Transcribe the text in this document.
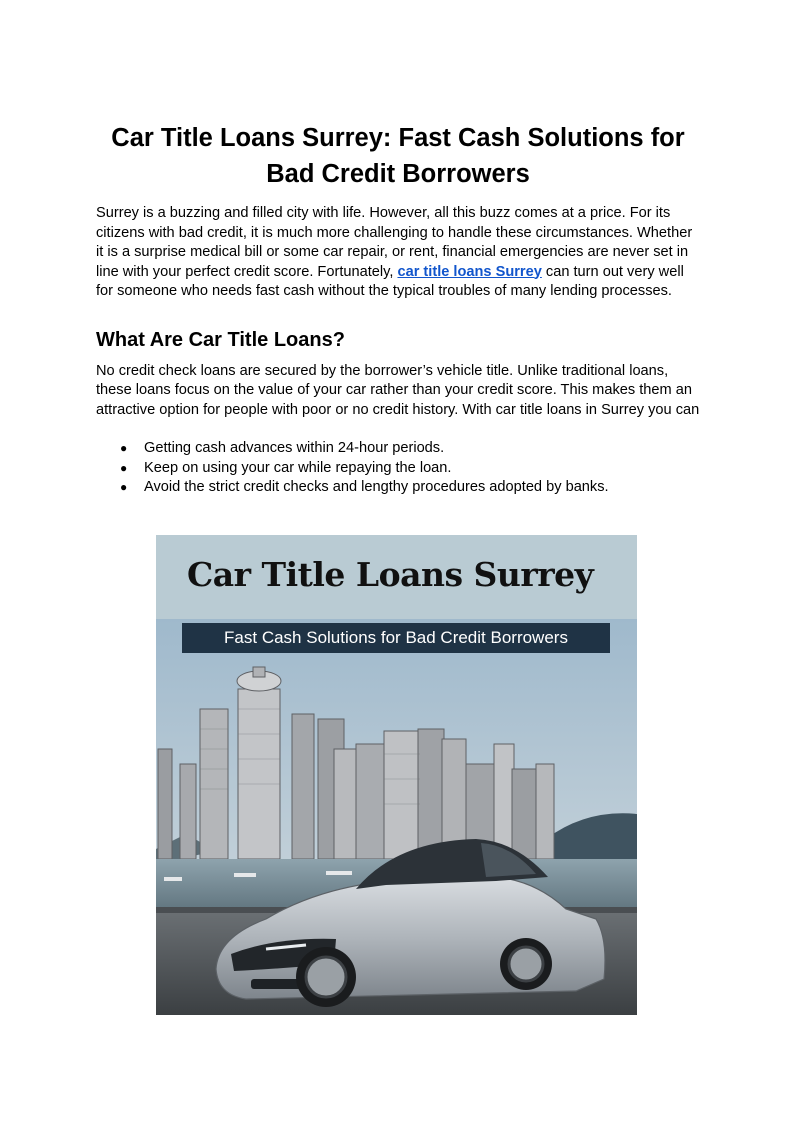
Car Title Loans Surrey: Fast Cash Solutions for Bad Credit Borrowers

Surrey is a buzzing and filled city with life. However, all this buzz comes at a price. For its citizens with bad credit, it is much more challenging to handle these circumstances. Whether it is a surprise medical bill or some car repair, or rent, financial emergencies are never set in line with your perfect credit score. Fortunately, car title loans Surrey can turn out very well for someone who needs fast cash without the typical troubles of many lending processes.

What Are Car Title Loans?

No credit check loans are secured by the borrower’s vehicle title. Unlike traditional loans, these loans focus on the value of your car rather than your credit score. This makes them an attractive option for people with poor or no credit history. With car title loans in Surrey you can

● Getting cash advances within 24-hour periods.
● Keep on using your car while repaying the loan.
● Avoid the strict credit checks and lengthy procedures adopted by banks.
Car Title Loans Surrey
Fast Cash Solutions for Bad Credit Borrowers
